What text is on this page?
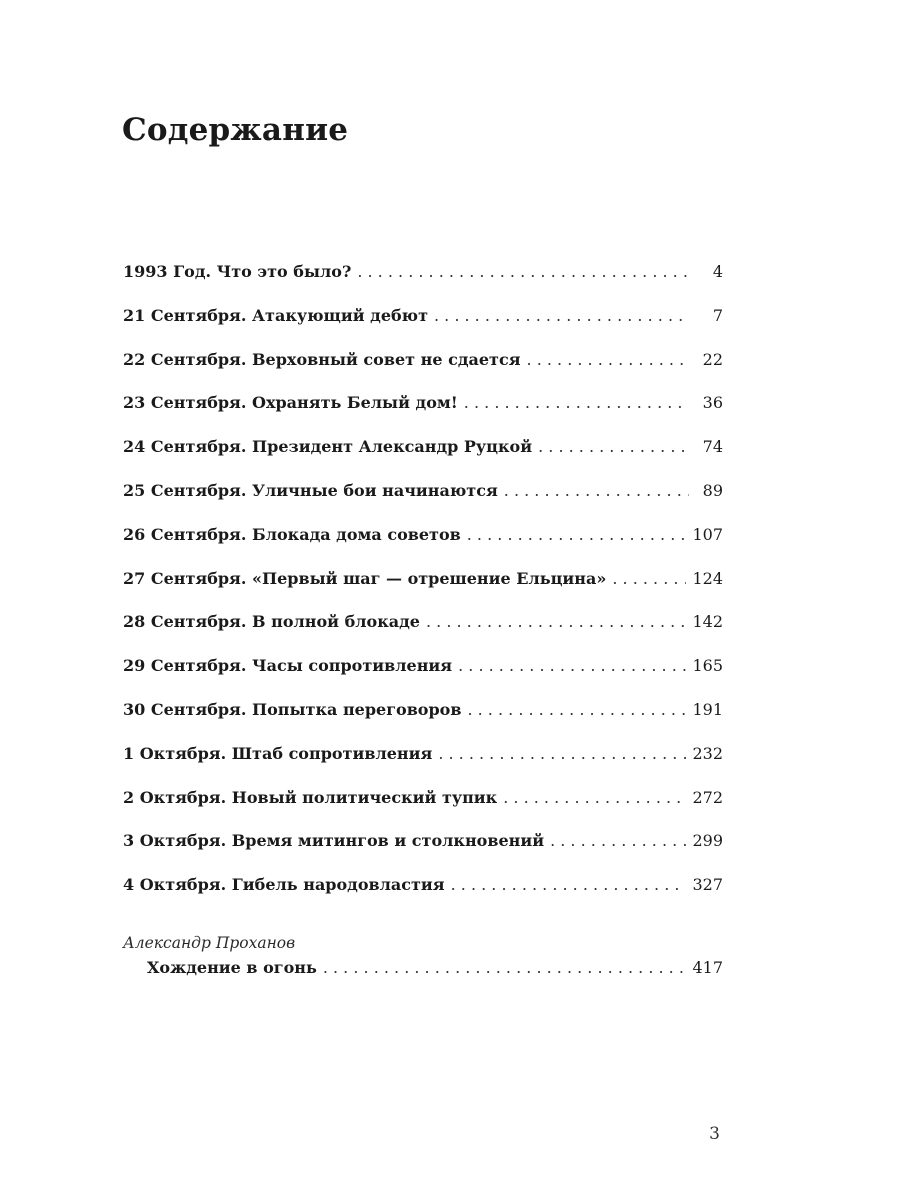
Содержание
1993 Год. Что это было? . . .	4
21 Сентября. Атакующий дебют . . .	7
22 Сентября. Верховный совет не сдается . . .	22
23 Сентября. Охранять Белый дом! . . .	36
24 Сентября. Президент Александр Руцкой . . .	74
25 Сентября. Уличные бои начинаются . . .	89
26 Сентября. Блокада дома советов . . .	107
27 Сентября. «Первый шаг — отрешение Ельцина» . . .	124
28 Сентября. В полной блокаде . . .	142
29 Сентября. Часы сопротивления . . .	165
30 Сентября. Попытка переговоров . . .	191
1 Октября. Штаб сопротивления . . .	232
2 Октября. Новый политический тупик . . .	272
3 Октября. Время митингов и столкновений . . .	299
4 Октября. Гибель народовластия . . .	327
Александр Проханов
Хождение в огонь . . .	417
3
